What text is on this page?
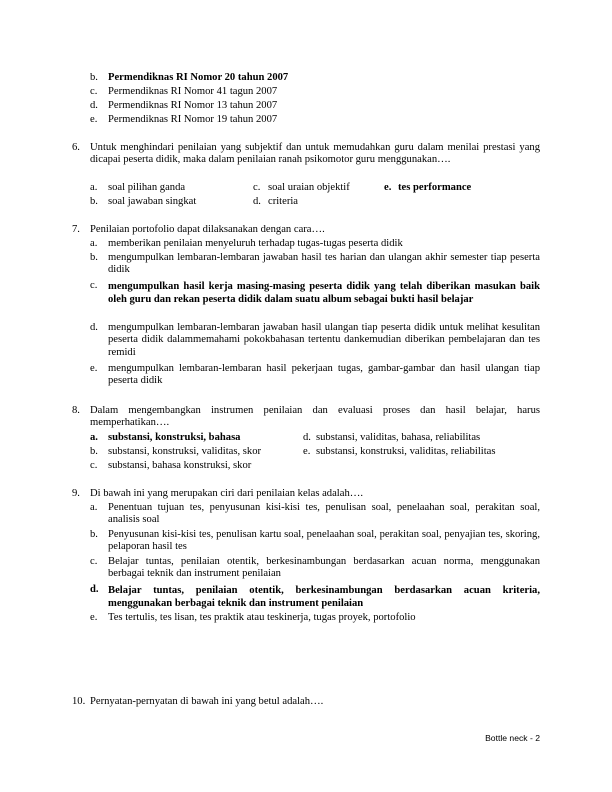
b. Permendiknas RI Nomor 20 tahun 2007
c. Permendiknas RI Nomor 41 tagun 2007
d. Permendiknas RI Nomor 13 tahun 2007
e. Permendiknas RI Nomor 19 tahun 2007
6. Untuk menghindari penilaian yang subjektif dan untuk memudahkan guru dalam menilai prestasi yang dicapai peserta didik, maka dalam penilaian ranah psikomotor guru menggunakan….
a. soal pilihan ganda	c. soal uraian objektif	e. tes performance
b. soal jawaban singkat	d. criteria
7. Penilaian portofolio dapat dilaksanakan dengan cara….
a. memberikan penilaian menyeluruh terhadap tugas-tugas peserta didik
b. mengumpulkan lembaran-lembaran jawaban hasil tes harian dan ulangan akhir semester tiap peserta didik
c. mengumpulkan hasil kerja masing-masing peserta didik yang telah diberikan masukan baik oleh guru dan rekan peserta didik dalam suatu album sebagai bukti hasil belajar
d. mengumpulkan lembaran-lembaran jawaban hasil ulangan tiap peserta didik untuk melihat kesulitan peserta didik dalammemahami pokokbahasan tertentu dankemudian diberikan pembelajaran dan tes remidi
e. mengumpulkan lembaran-lembaran hasil pekerjaan tugas, gambar-gambar dan hasil ulangan tiap peserta didik
8. Dalam mengembangkan instrumen penilaian dan evaluasi proses dan hasil belajar, harus memperhatikan….
a. substansi, konstruksi, bahasa	d. substansi, validitas, bahasa, reliabilitas
b. substansi, konstruksi, validitas, skor	e. substansi, konstruksi, validitas, reliabilitas
c. substansi, bahasa konstruksi, skor
9. Di bawah ini yang merupakan ciri dari penilaian kelas adalah….
a. Penentuan tujuan tes, penyusunan kisi-kisi tes, penulisan soal, penelaahan soal, perakitan soal, analisis soal
b. Penyusunan kisi-kisi tes, penulisan kartu soal, penelaahan soal, perakitan soal, penyajian tes, skoring, pelaporan hasil tes
c. Belajar tuntas, penilaian otentik, berkesinambungan berdasarkan acuan norma, menggunakan berbagai teknik dan instrument penilaian
d. Belajar tuntas, penilaian otentik, berkesinambungan berdasarkan acuan kriteria, menggunakan berbagai teknik dan instrument penilaian
e. Tes tertulis, tes lisan, tes praktik atau teskinerja, tugas proyek, portofolio
10. Pernyatan-pernyatan di bawah ini yang betul adalah….
Bottle neck - 2
